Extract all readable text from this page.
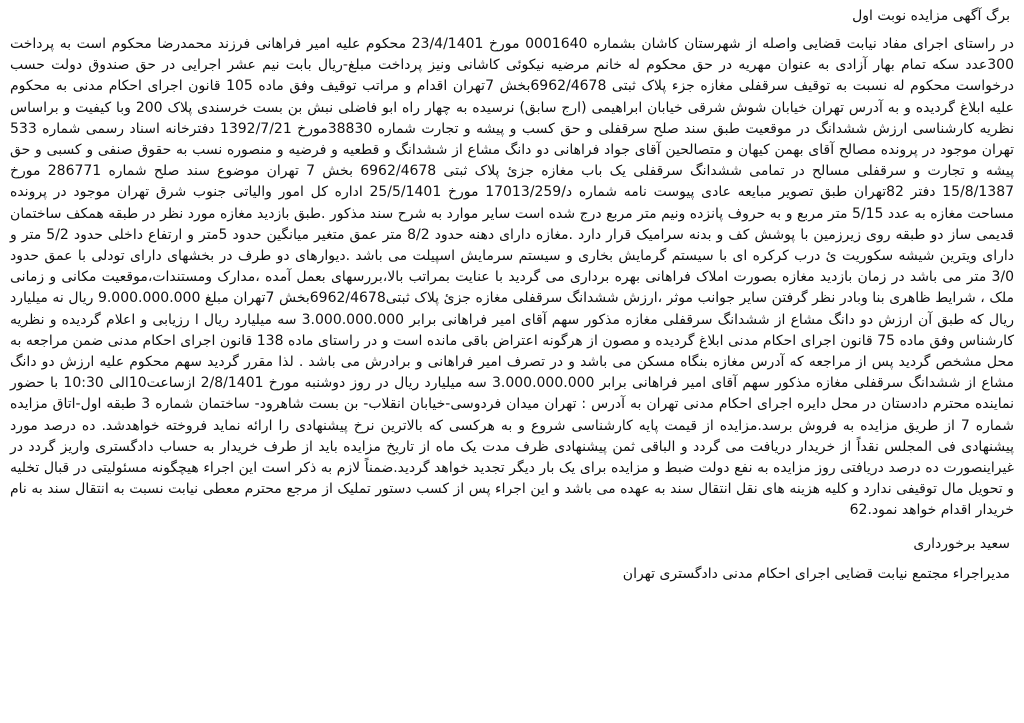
برگ آگهی مزایده نوبت اول

در راستای اجرای مفاد نیابت قضایی واصله از شهرستان کاشان بشماره 0001640 مورخ 23/4/1401 محکوم علیه امیر فراهانی فرزند محمدرضا محکوم است به پرداخت 300عدد سکه تمام بهار آزادی به عنوان مهریه در حق محکوم له خانم مرضیه نیکوئی کاشانی ونیز پرداخت مبلغ-ریال بابت نیم عشر اجرایی در حق صندوق دولت حسب درخواست محکوم له نسبت به توقیف سرقفلی مغازه جزء پلاک ثبتی 6962/4678بخش 7تهران اقدام و مراتب توقیف وفق ماده 105 قانون اجرای احکام مدنی به محکوم علیه ابلاغ گردیده و به آدرس تهران خیابان شوش شرقی خیابان ابراهیمی (ارج سابق) نرسیده به چهار راه ابو فاضلی نبش بن بست خرسندی پلاک 200 وبا کیفیت و براساس نظریه کارشناسی ارزش ششدانگ در موقعیت طبق سند صلح سرقفلی و حق کسب و پیشه و تجارت شماره 38830مورخ 1392/7/21 دفترخانه اسناد رسمی شماره 533 تهران موجود در پرونده مصالح آقای بهمن کیهان و متصالحین آقای جواد فراهانی دو دانگ مشاع از ششدانگ و قطعیه و فرضیه و منصوره نسب به حقوق صنفی و کسبی و حق پیشه و تجارت و سرقفلی مسالح در تمامی ششدانگ سرقفلی یک باب مغازه جزئ پلاک ثبتی 6962/4678 بخش 7 تهران موضوع سند صلح شماره 286771 مورخ 15/8/1387 دفتر 82تهران طبق تصویر مبایعه عادی پیوست نامه شماره د/17013/259 مورخ 25/5/1401 اداره کل امور والیاتی جنوب شرق تهران موجود در پرونده مساحت مغازه به عدد 5/15 متر مربع و به حروف پانزده ونیم متر مربع درج شده است سایر موارد به شرح سند مذکور .طبق بازدید مغازه مورد نظر در طبقه همکف ساختمان قدیمی ساز دو طبقه روی زیرزمین با پوشش کف و بدنه سرامیک قرار دارد .مغازه دارای دهنه حدود 8/2 متر عمق متغیر میانگین حدود 5متر و ارتفاع داخلی حدود 5/2 متر و دارای ویترین شیشه سکوریت ئ درب کرکره ای با سیستم گرمایش بخاری و سیستم سرمایش اسپیلت می باشد .دیوارهای دو طرف در بخشهای دارای تودلی با عمق حدود 3/0 متر می باشد در زمان بازدید مغازه بصورت املاک فراهانی بهره برداری می گردید با عنایت بمراتب بالا،بررسهای بعمل آمده ،مدارک ومستندات،موقعیت مکانی و زمانی ملک ، شرایط ظاهری بنا وبادر نظر گرفتن سایر جوانب موثر ،ارزش ششدانگ سرقفلی مغازه جزئ پلاک ثبتی6962/4678بخش 7تهران مبلغ 9.000.000.000 ریال نه میلیارد ریال که طبق آن ارزش دو دانگ مشاع از ششدانگ سرقفلی مغازه مذکور سهم آقای امیر فراهانی برابر 3.000.000.000 سه میلیارد ریال ا رزیابی و اعلام گردیده و نظریه کارشناس وفق ماده 75 قانون اجرای احکام مدنی ابلاغ گردیده و مصون از هرگونه اعتراض باقی مانده است و در راستای ماده 138 قانون اجرای احکام مدنی ضمن مراجعه به محل مشخص گردید پس از مراجعه که آدرس مغازه بنگاه مسکن می باشد و در تصرف امیر فراهانی و برادرش می باشد . لذا مقرر گردید سهم محکوم علیه ارزش دو دانگ مشاع از ششدانگ سرقفلی مغازه مذکور سهم آقای امیر فراهانی برابر 3.000.000.000 سه میلیارد ریال در روز دوشنبه مورخ 2/8/1401 ازساعت10الی 10:30 با حضور نماینده محترم دادستان در محل دایره اجرای احکام مدنی تهران به آدرس : تهران میدان فردوسی-خیابان انقلاب- بن بست شاهرود- ساختمان شماره 3 طبقه اول-اتاق مزایده شماره 7 از طریق مزایده به فروش برسد.مزایده از قیمت پایه کارشناسی شروع و به هرکسی که بالاترین نرخ پیشنهادی را ارائه نماید فروخته خواهدشد. ده درصد مورد پیشنهادی فی المجلس نقداً از خریدار دریافت می گردد و الباقی ثمن پیشنهادی ظرف مدت یک ماه از تاریخ مزایده باید از طرف خریدار به حساب دادگستری واریز گردد در غیراینصورت ده درصد دریافتی روز مزایده به نفع دولت ضبط و مزایده برای یک بار دیگر تجدید خواهد گردید.ضمناً لازم به ذکر است این اجراء هیچگونه مسئولیتی در قبال تخلیه و تحویل مال توقیفی ندارد و کلیه هزینه های نقل انتقال سند به عهده می باشد و این اجراء پس از کسب دستور تملیک از مرجع محترم معطی نیابت نسبت به انتقال سند به نام خریدار اقدام خواهد نمود.62

سعید برخورداری
مدیراجراء مجتمع نیابت قضایی اجرای احکام مدنی دادگستری تهران
